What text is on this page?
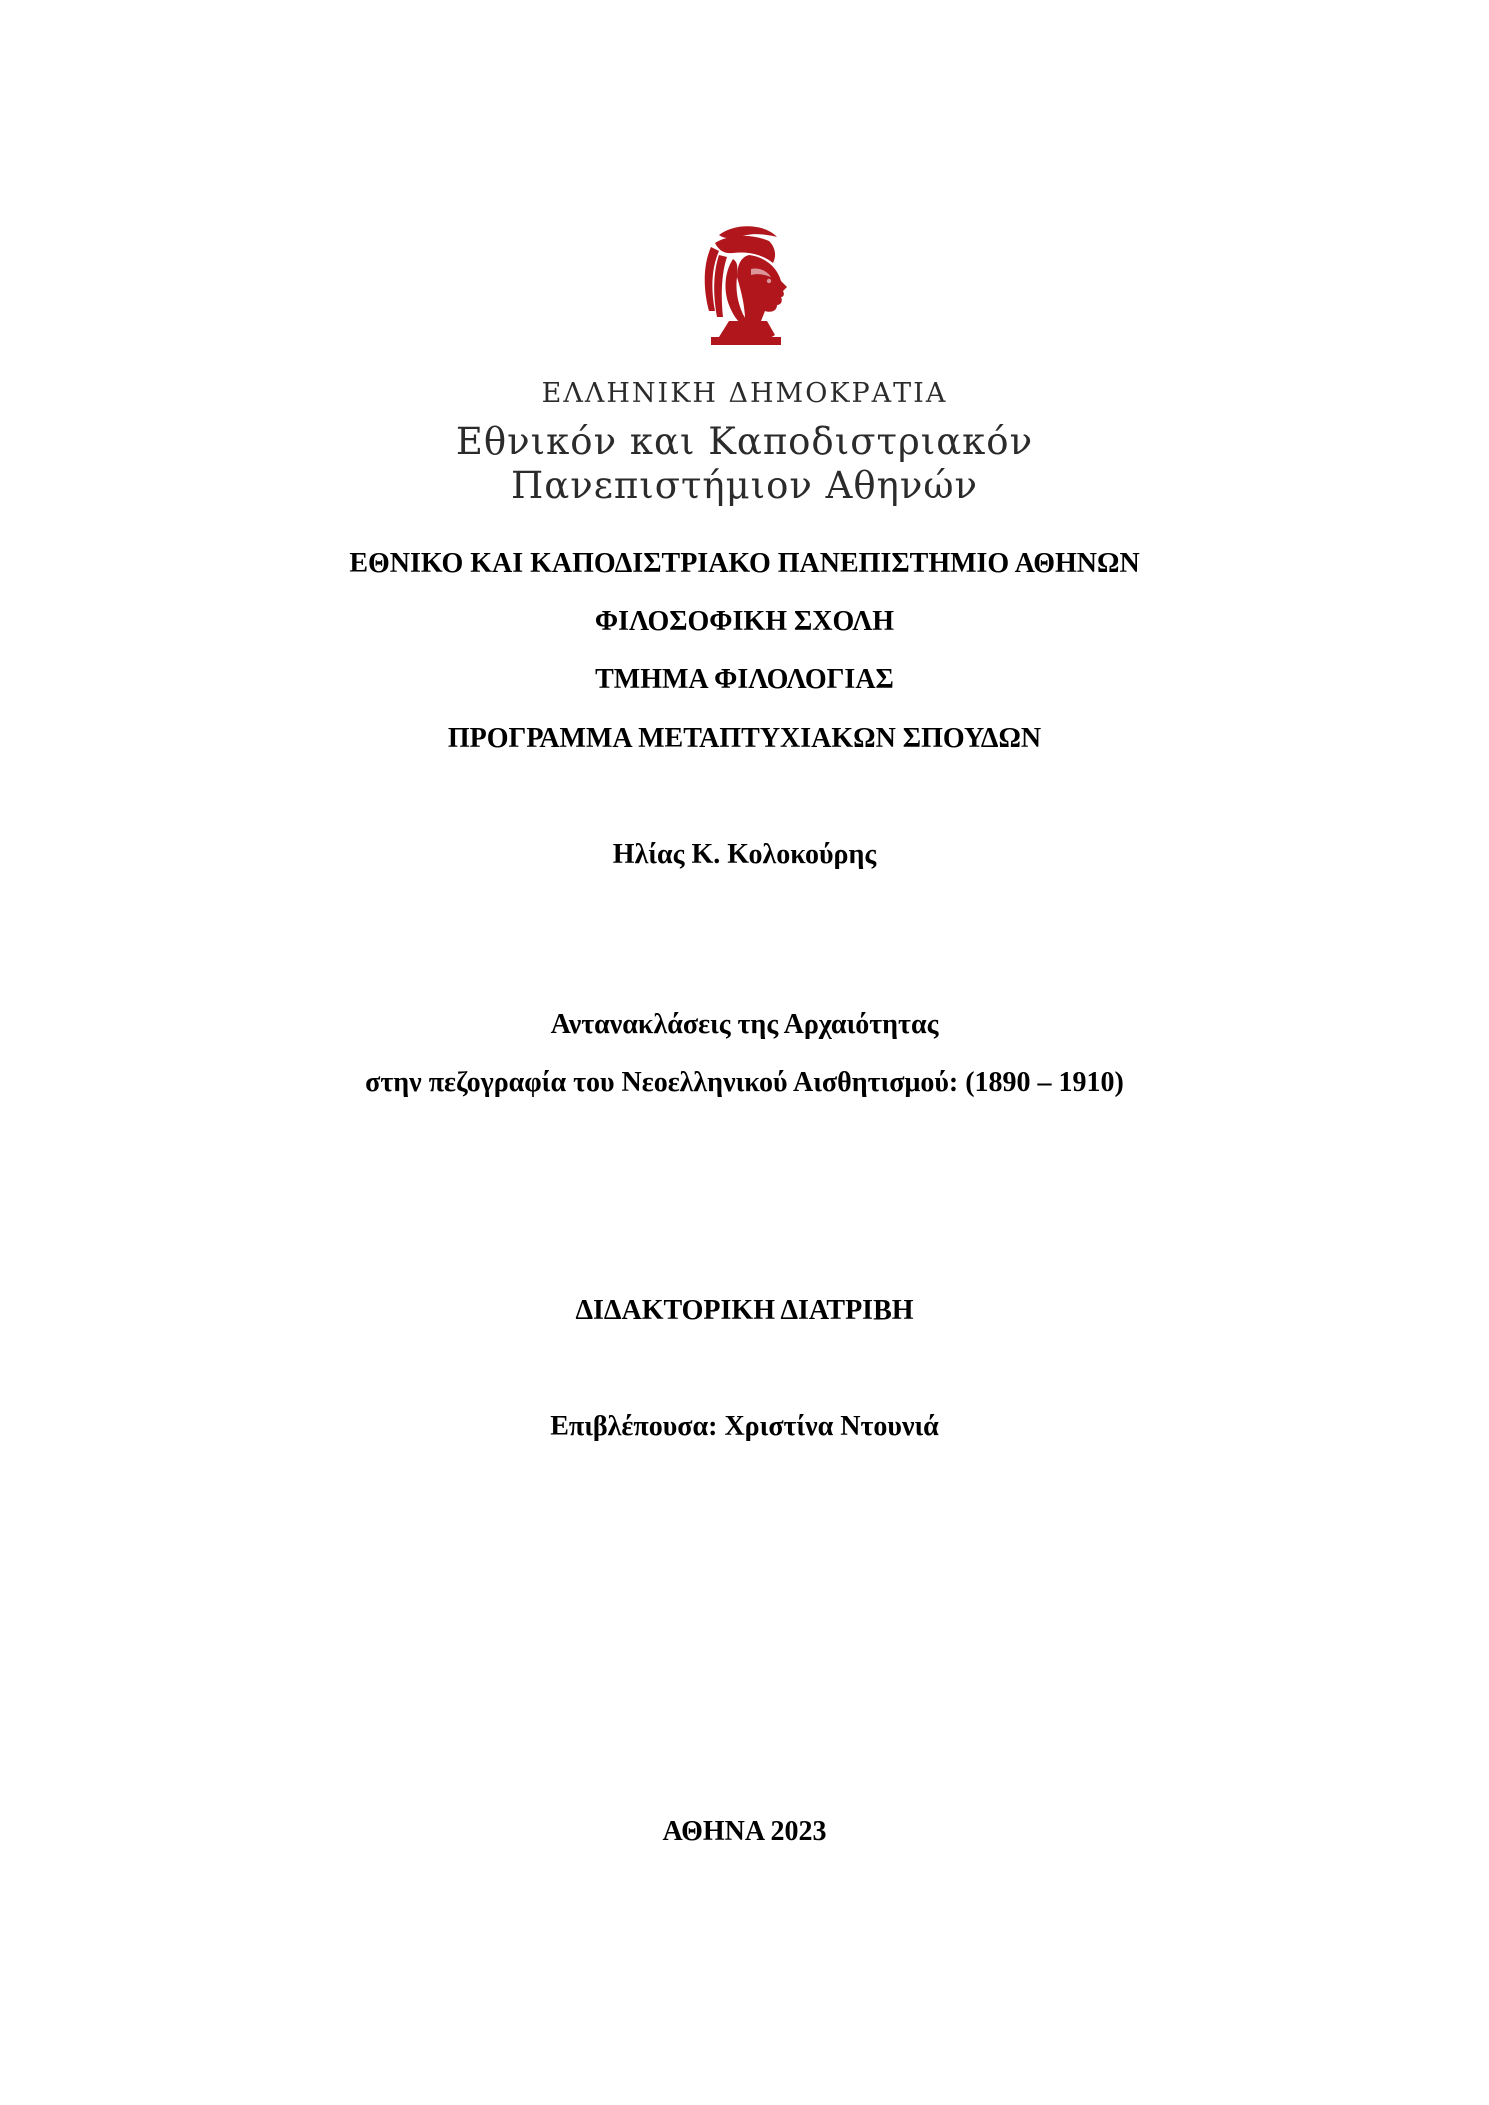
ΕΛΛΗΝΙΚΗ ΔΗΜΟΚΡΑΤΙΑ
Εθνικόν και Καποδιστριακόν
Πανεπιστήμιον Αθηνών
ΕΘΝΙΚΟ ΚΑΙ ΚΑΠΟΔΙΣΤΡΙΑΚΟ ΠΑΝΕΠΙΣΤΗΜΙΟ ΑΘΗΝΩΝ
ΦΙΛΟΣΟΦΙΚΗ ΣΧΟΛΗ
ΤΜΗΜΑ ΦΙΛΟΛΟΓΙΑΣ
ΠΡΟΓΡΑΜΜΑ ΜΕΤΑΠΤΥΧΙΑΚΩΝ ΣΠΟΥΔΩΝ
Ηλίας Κ. Κολοκούρης
Αντανακλάσεις της Αρχαιότητας
στην πεζογραφία του Νεοελληνικού Αισθητισμού: (1890 – 1910)
ΔΙΔΑΚΤΟΡΙΚΗ ΔΙΑΤΡΙΒΗ
Επιβλέπουσα: Χριστίνα Ντουνιά
ΑΘΗΝΑ 2023
